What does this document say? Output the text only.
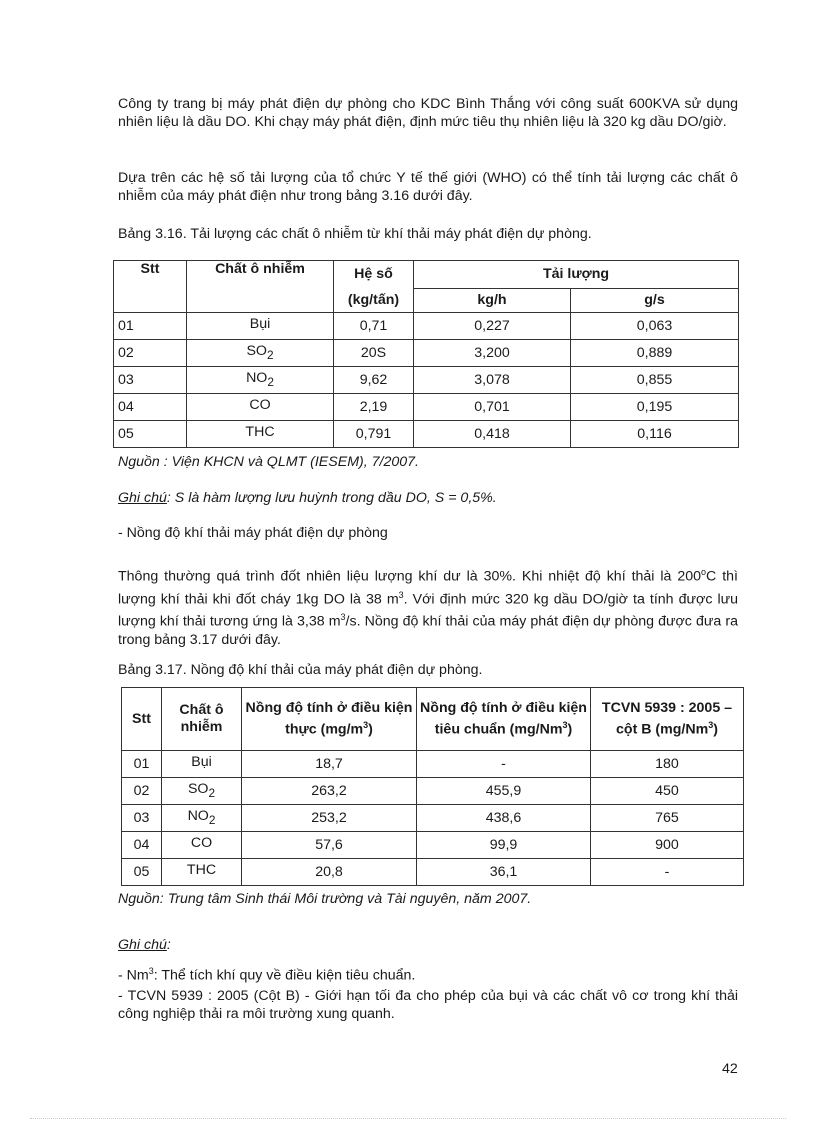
Công ty trang bị máy phát điện dự phòng cho KDC Bình Thắng với công suất 600KVA sử dụng nhiên liệu là dầu DO. Khi chạy máy phát điện, định mức tiêu thụ nhiên liệu là 320 kg dầu DO/giờ.

Dựa trên các hệ số tải lượng của tổ chức Y tế thế giới (WHO) có thể tính tải lượng các chất ô nhiễm của máy phát điện như trong bảng 3.16 dưới đây.

Bảng 3.16. Tải lượng các chất ô nhiễm từ khí thải máy phát điện dự phòng.

Stt	Chất ô nhiễm	Hệ số	Tải lượng	
		(kg/tấn)	kg/h	g/s
01	Bụi	0,71	0,227	0,063
02	$SO_2$	20S	3,200	0,889
03	$NO_2$	9,62	3,078	0,855
04	CO	2,19	0,701	0,195
05	THC	0,791	0,418	0,116

Nguồn : Viện KHCN và QLMT (IESEM), 7/2007.

Ghi chú: S là hàm lượng lưu huỳnh trong dầu DO, S = 0,5%.

- Nồng độ khí thải máy phát điện dự phòng

Thông thường quá trình đốt nhiên liệu lượng khí dư là 30%. Khi nhiệt độ khí thải là 200$^o$C thì lượng khí thải khi đốt cháy 1kg DO là 38 $m^3$. Với định mức 320 kg dầu DO/giờ ta tính được lưu lượng khí thải tương ứng là 3,38 $m^3/s$. Nồng độ khí thải của máy phát điện dự phòng được đưa ra trong bảng 3.17 dưới đây.

Bảng 3.17. Nồng độ khí thải của máy phát điện dự phòng.

Stt	Chất ô nhiễm	Nồng độ tính ở điều kiện thực $(mg/m^3)$	Nồng độ tính ở điều kiện tiêu chuẩn (mg/Nm$^3$)	TCVN 5939 : 2005 – cột B (mg/Nm$^3$)
01	Bụi	18,7	-	180
02	$SO_2$	263,2	455,9	450
03	$NO_2$	253,2	438,6	765
04	CO	57,6	99,9	900
05	THC	20,8	36,1	-

Nguồn: Trung tâm Sinh thái Môi trường và Tài nguyên, năm 2007.

Ghi chú:

- Nm$^3$: Thể tích khí quy về điều kiện tiêu chuẩn.

- TCVN 5939 : 2005 (Cột B) - Giới hạn tối đa cho phép của bụi và các chất vô cơ trong khí thải công nghiệp thải ra môi trường xung quanh.

42
